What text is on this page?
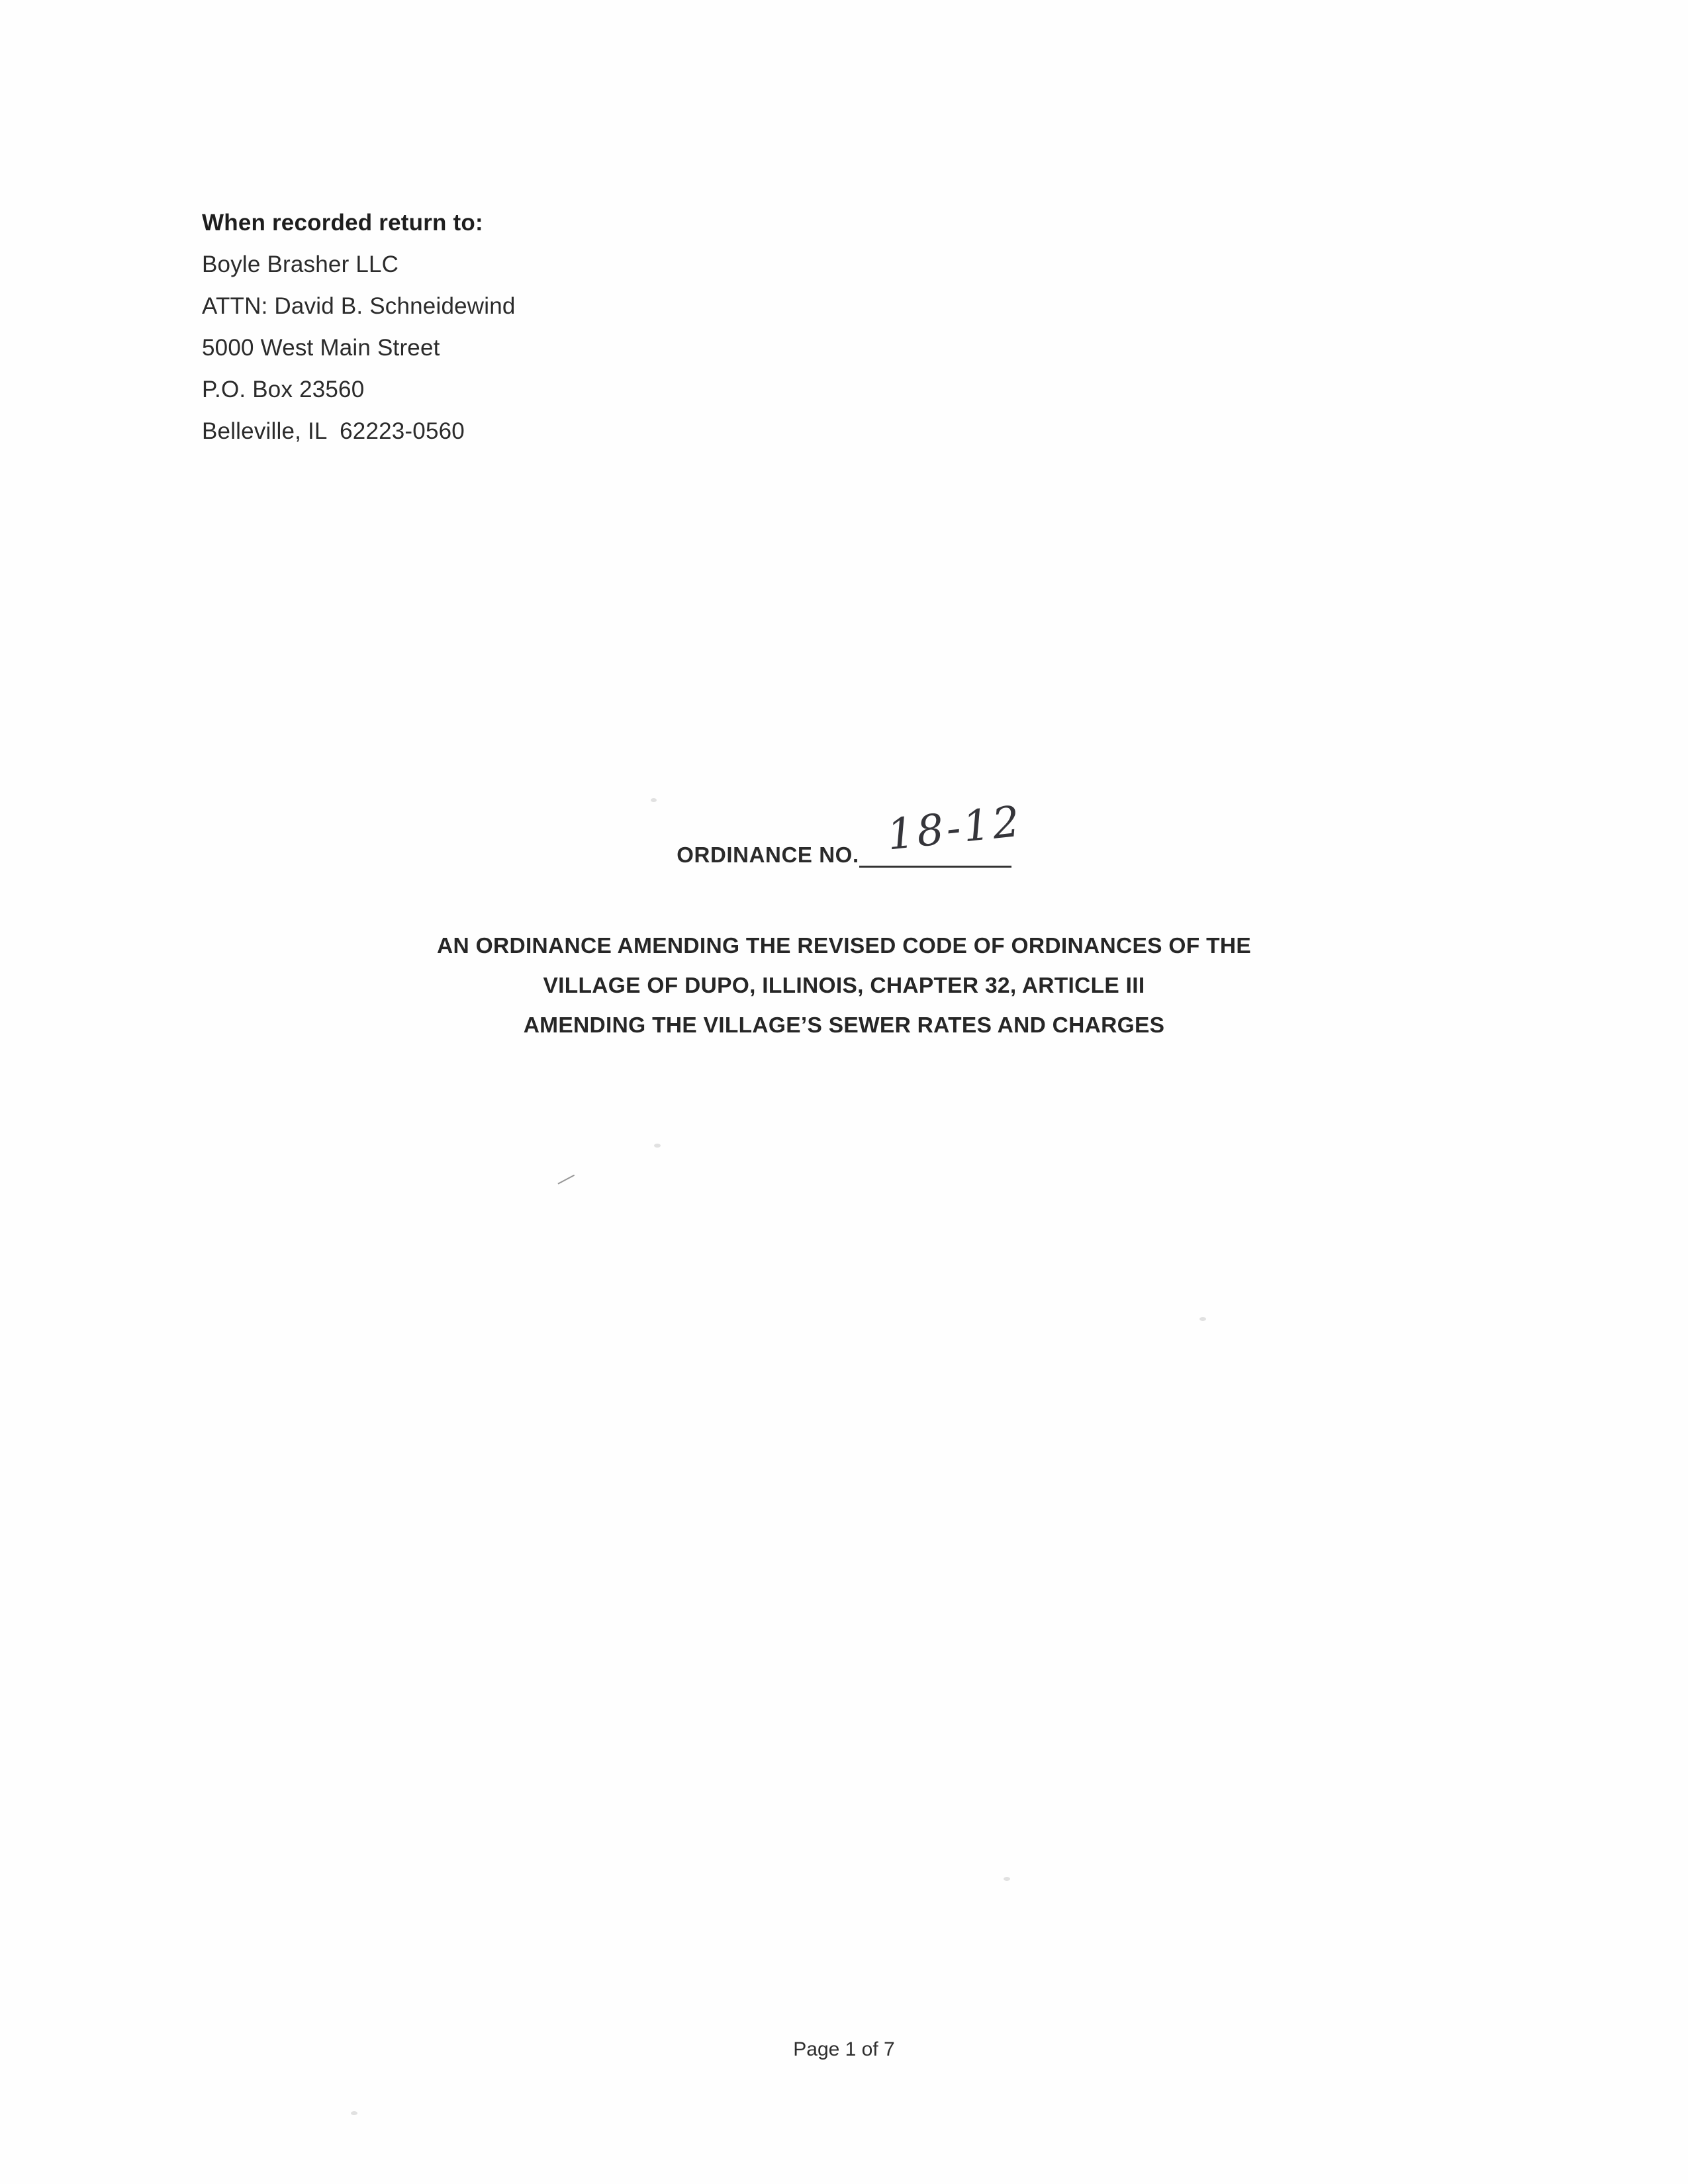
When recorded return to:
Boyle Brasher LLC
ATTN: David B. Schneidewind
5000 West Main Street
P.O. Box 23560
Belleville, IL  62223-0560
ORDINANCE NO. 18-12
AN ORDINANCE AMENDING THE REVISED CODE OF ORDINANCES OF THE
VILLAGE OF DUPO, ILLINOIS, CHAPTER 32, ARTICLE III
AMENDING THE VILLAGE’S SEWER RATES AND CHARGES
Page 1 of 7
